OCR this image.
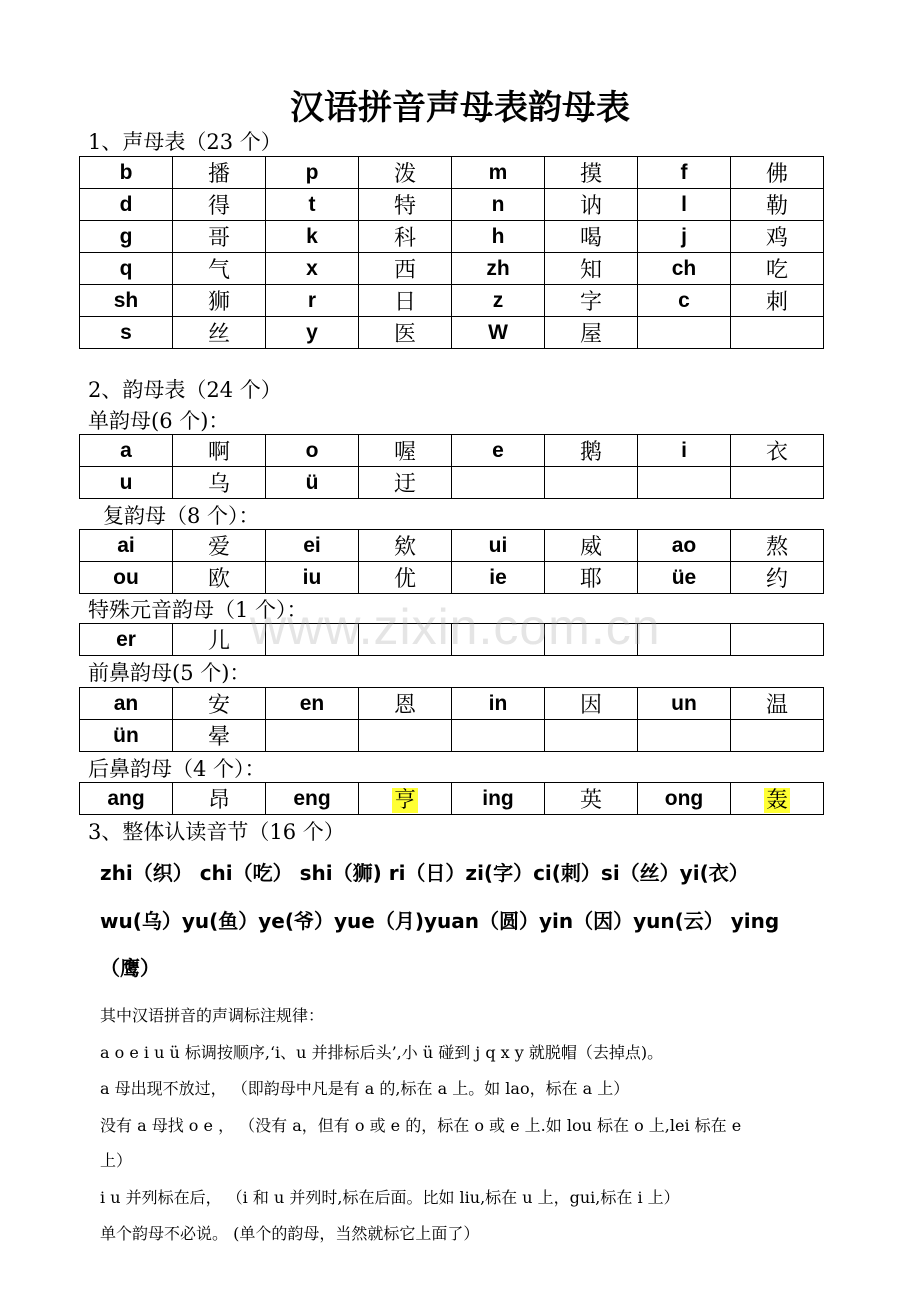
汉语拼音声母表韵母表
1、声母表（23 个）
b	播	p	泼	m	摸	f	佛
d	得	t	特	n	讷	l	勒
g	哥	k	科	h	喝	j	鸡
q	气	x	西	zh	知	ch	吃
sh	狮	r	日	z	字	c	刺
s	丝	y	医	W	屋		
2、韵母表（24 个）
单韵母(6 个)：
a	啊	o	喔	e	鹅	i	衣
u	乌	ü	迂				
复韵母（8 个）：
ai	爱	ei	欸	ui	威	ao	熬
ou	欧	iu	优	ie	耶	üe	约
特殊元音韵母（1 个）：
er	儿						
前鼻韵母(5 个)：
an	安	en	恩	in	因	un	温
ün	晕						
后鼻韵母（4 个）：
ang	昂	eng	亨	ing	英	ong	轰
3、整体认读音节（16 个）
zhi（织） chi（吃） shi（狮) ri（日）zi(字）ci(刺）si（丝）yi(衣）
wu(乌）yu(鱼）ye(爷）yue（月)yuan（圆）yin（因）yun(云） ying
（鹰）
其中汉语拼音的声调标注规律：
a o e i u ü 标调按顺序,‘i、u 并排标后头’,小 ü 碰到 j q x y 就脱帽（去掉点)。
a 母出现不放过， （即韵母中凡是有 a 的,标在 a 上。如 lao，标在 a 上）
没有 a 母找 o e ， （没有 a，但有 o 或 e 的，标在 o 或 e 上.如 lou 标在 o 上,lei 标在 e
上）
i u 并列标在后， （i 和 u 并列时,标在后面。比如 liu,标在 u 上，gui,标在 i 上）
单个韵母不必说。 (单个的韵母，当然就标它上面了）
www.zixin.com.cn
